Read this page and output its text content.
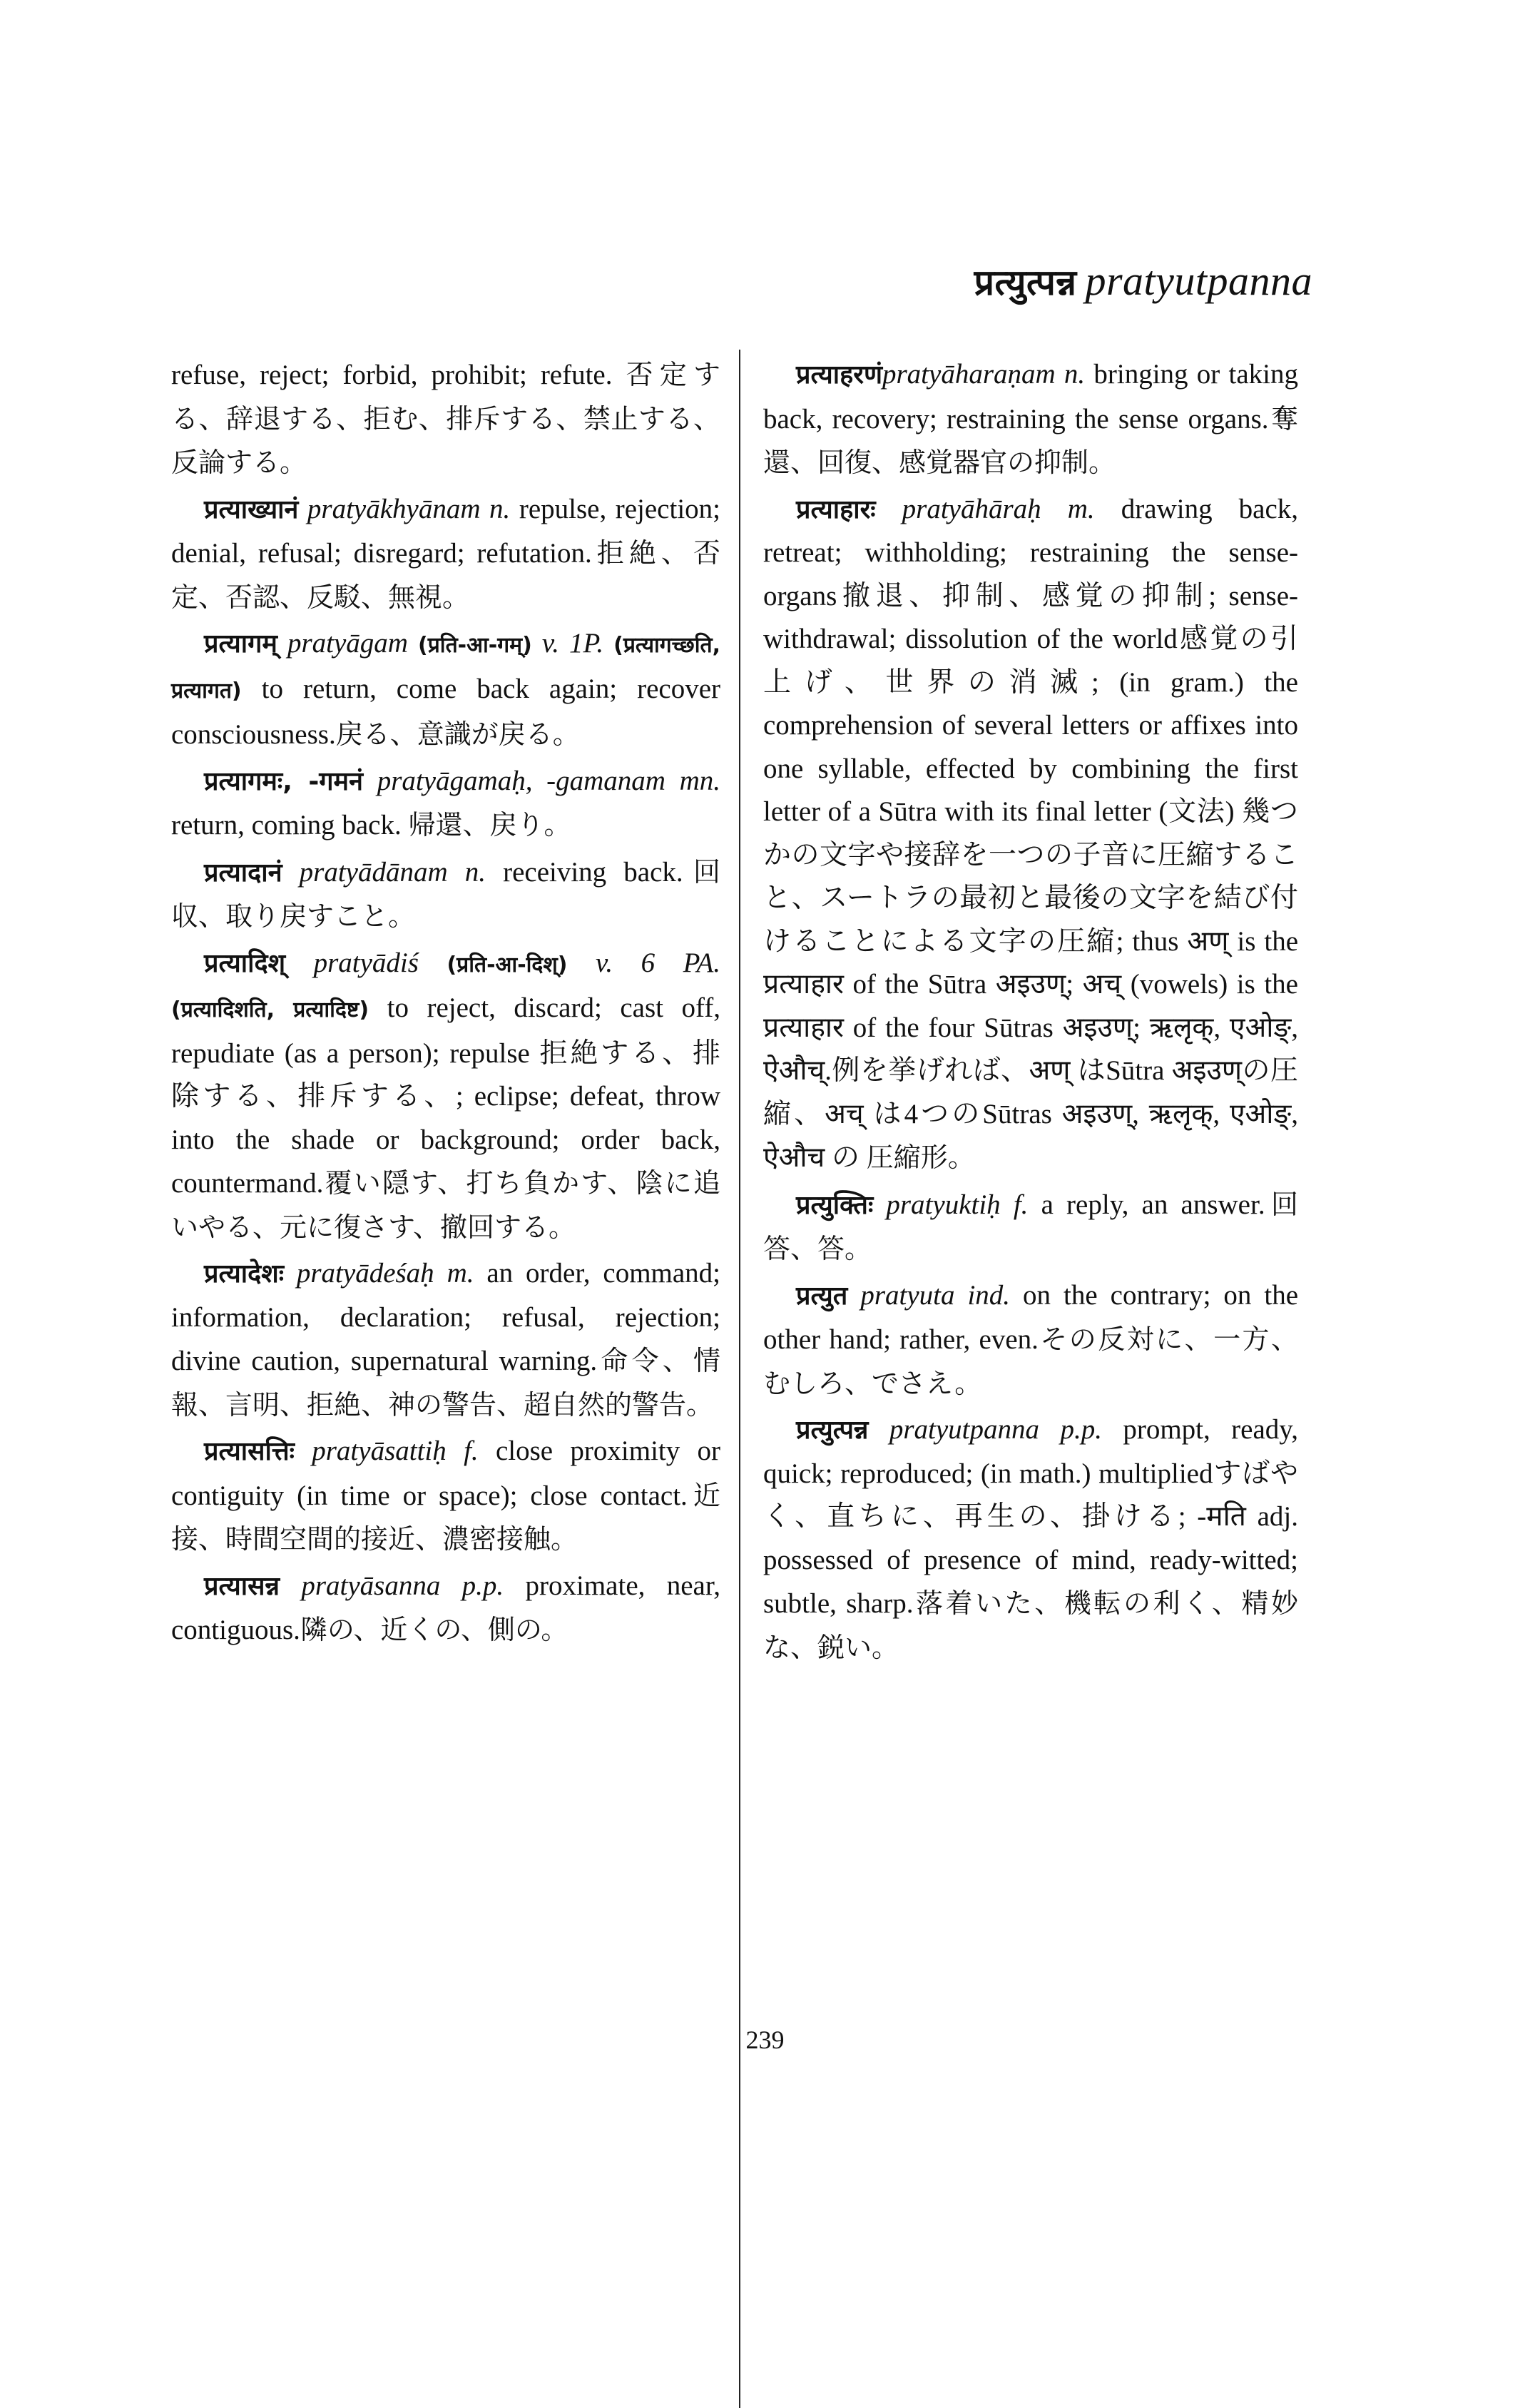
प्रत्युत्पन्न pratyutpanna

refuse, reject; forbid, prohibit; refute. 否定する、辞退する、拒む、排斥する、禁止する、反論する。

प्रत्याख्यानं pratyākhyānam n. repulse, rejection; denial, refusal; disregard; refutation.拒絶、否定、否認、反駁、無視。

प्रत्यागम् pratyāgam (प्रति-आ-गम्) v. 1P. (प्रत्यागच्छति, प्रत्यागत) to return, come back again; recover consciousness.戻る、意識が戻る。

प्रत्यागमः, -गमनं pratyāgamaḥ, -gamanam mn. return, coming back. 帰還、戻り。

प्रत्यादानं pratyādānam n. receiving back.回収、取り戻すこと。

प्रत्यादिश् pratyādiś (प्रति-आ-दिश्) v. 6 PA. (प्रत्यादिशति, प्रत्यादिष्ट) to reject, discard; cast off, repudiate (as a person); repulse 拒絶する、排除する、排斥する、; eclipse; defeat, throw into the shade or background; order back, countermand.覆い隠す、打ち負かす、陰に追いやる、元に復さす、撤回する。

प्रत्यादेशः pratyādeśaḥ m. an order, command; information, declaration; refusal, rejection; divine caution, supernatural warning.命令、情報、言明、拒絶、神の警告、超自然的警告。

प्रत्यासत्तिः pratyāsattiḥ f. close proximity or contiguity (in time or space); close contact.近接、時間空間的接近、濃密接触。

प्रत्यासन्न pratyāsanna p.p. proximate, near, contiguous.隣の、近くの、側の。

प्रत्याहरणंpratyāharaṇam n. bringing or taking back, recovery; restraining the sense organs.奪還、回復、感覚器官の抑制。

प्रत्याहारः pratyāhāraḥ m. drawing back, retreat; withholding; restraining the sense-organs撤退、抑制、感覚の抑制; sense-withdrawal; dissolution of the world感覚の引上げ、世界の消滅; (in gram.) the comprehension of several letters or affixes into one syllable, effected by combining the first letter of a Sūtra with its final letter (文法) 幾つかの文字や接辞を一つの子音に圧縮すること、スートラの最初と最後の文字を結び付けることによる文字の圧縮; thus अण् is the प्रत्याहार of the Sūtra अइउण्; अच् (vowels) is the प्रत्याहार of the four Sūtras अइउण्; ऋलृक्, एओङ्, ऐऔच्.例を挙げれば、अण् はSūtra अइउण्の圧縮、अच् は4つのSūtras अइउण्, ऋलृक्, एओङ्, ऐऔच の 圧縮形。

प्रत्युक्तिः pratyuktiḥ f. a reply, an answer.回答、答。

प्रत्युत pratyuta ind. on the contrary; on the other hand; rather, even.その反対に、一方、むしろ、でさえ。

प्रत्युत्पन्न pratyutpanna p.p. prompt, ready, quick; reproduced; (in math.) multipliedすばやく、直ちに、再生の、掛ける; -मति adj. possessed of presence of mind, ready-witted; subtle, sharp.落着いた、機転の利く、精妙な、鋭い。

239
